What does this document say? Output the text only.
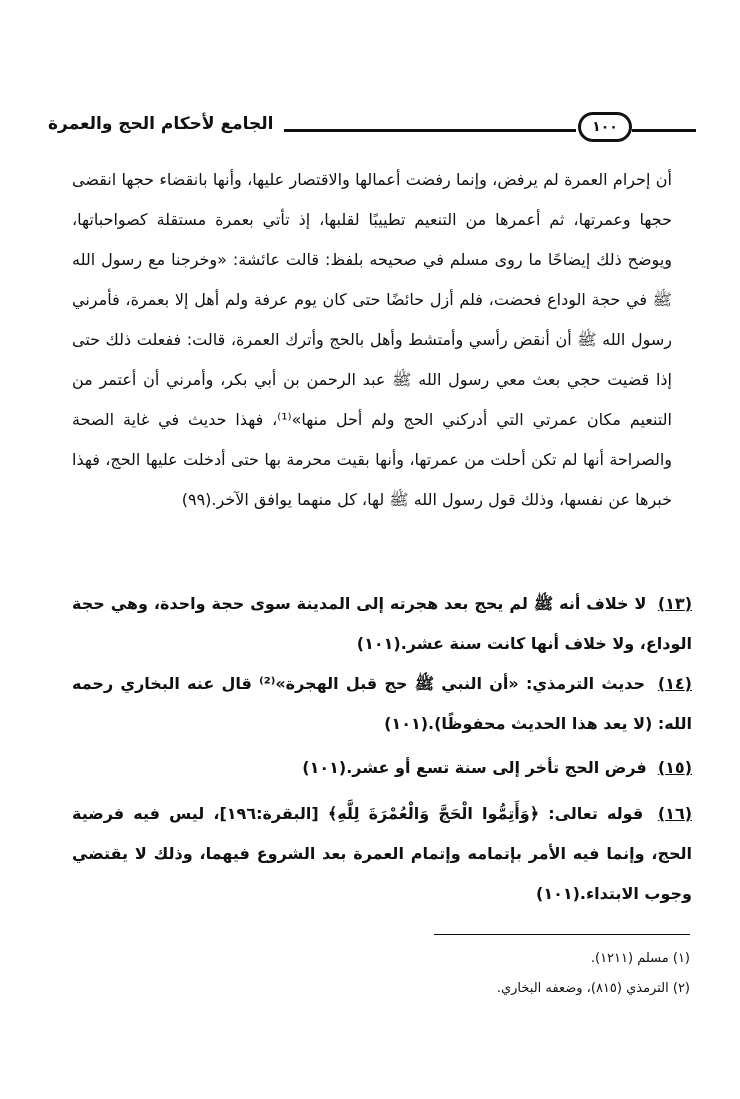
الجامع لأحكام الحج والعمرة	١٠٠

أن إحرام العمرة لم يرفض، وإنما رفضت أعمالها والاقتصار عليها، وأنها بانقضاء حجها انقضى حجها وعمرتها، ثم أعمرها من التنعيم تطييبًا لقلبها، إذ تأتي بعمرة مستقلة كصواحباتها، ويوضح ذلك إيضاحًا ما روى مسلم في صحيحه بلفظ: قالت عائشة: «وخرجنا مع رسول الله ﷺ في حجة الوداع فحضت، فلم أزل حائضًا حتى كان يوم عرفة ولم أهل إلا بعمرة، فأمرني رسول الله ﷺ أن أنقض رأسي وأمتشط وأهل بالحج وأترك العمرة، قالت: ففعلت ذلك حتى إذا قضيت حجي بعث معي رسول الله ﷺ عبد الرحمن بن أبي بكر، وأمرني أن أعتمر من التنعيم مكان عمرتي التي أدركني الحج ولم أحل منها»⁽¹⁾، فهذا حديث في غاية الصحة والصراحة أنها لم تكن أحلت من عمرتها، وأنها بقيت محرمة بها حتى أدخلت عليها الحج، فهذا خبرها عن نفسها، وذلك قول رسول الله ﷺ لها، كل منهما يوافق الآخر.(٩٩)

(١٣) لا خلاف أنه ﷺ لم يحج بعد هجرته إلى المدينة سوى حجة واحدة، وهي حجة الوداع، ولا خلاف أنها كانت سنة عشر.(١٠١)
(١٤) حديث الترمذي: «أن النبي ﷺ حج قبل الهجرة»⁽²⁾ قال عنه البخاري رحمه الله: (لا يعد هذا الحديث محفوظًا).(١٠١)
(١٥) فرض الحج تأخر إلى سنة تسع أو عشر.(١٠١)
(١٦) قوله تعالى: ﴿وَأَتِمُّوا الْحَجَّ وَالْعُمْرَةَ لِلَّهِ﴾ [البقرة:١٩٦]، ليس فيه فرضية الحج، وإنما فيه الأمر بإتمامه وإتمام العمرة بعد الشروع فيهما، وذلك لا يقتضي وجوب الابتداء.(١٠١)

(١) مسلم (١٢١١).

(٢) الترمذي (٨١٥)، وضعفه البخاري.
